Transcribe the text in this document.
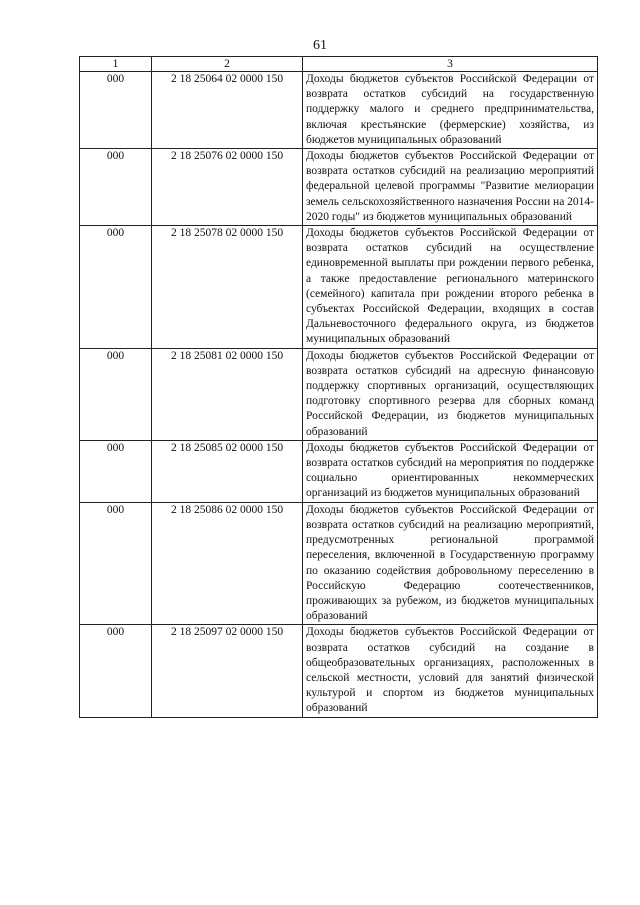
61
1	2	3
000	2 18 25064 02 0000 150	Доходы бюджетов субъектов Российской Федерации от возврата остатков субсидий на государственную поддержку малого и среднего предпринимательства, включая крестьянские (фермерские) хозяйства, из бюджетов муниципальных образований
000	2 18 25076 02 0000 150	Доходы бюджетов субъектов Российской Федерации от возврата остатков субсидий на реализацию мероприятий федеральной целевой программы "Развитие мелиорации земель сельскохозяйственного назначения России на 2014-2020 годы" из бюджетов муниципальных образований
000	2 18 25078 02 0000 150	Доходы бюджетов субъектов Российской Федерации от возврата остатков субсидий на осуществление единовременной выплаты при рождении первого ребенка, а также предоставление регионального материнского (семейного) капитала при рождении второго ребенка в субъектах Российской Федерации, входящих в состав Дальневосточного федерального округа, из бюджетов муниципальных образований
000	2 18 25081 02 0000 150	Доходы бюджетов субъектов Российской Федерации от возврата остатков субсидий на адресную финансовую поддержку спортивных организаций, осуществляющих подготовку спортивного резерва для сборных команд Российской Федерации, из бюджетов муниципальных образований
000	2 18 25085 02 0000 150	Доходы бюджетов субъектов Российской Федерации от возврата остатков субсидий на мероприятия по поддержке социально ориентированных некоммерческих организаций из бюджетов муниципальных образований
000	2 18 25086 02 0000 150	Доходы бюджетов субъектов Российской Федерации от возврата остатков субсидий на реализацию мероприятий, предусмотренных региональной программой переселения, включенной в Государственную программу по оказанию содействия добровольному переселению в Российскую Федерацию соотечественников, проживающих за рубежом, из бюджетов муниципальных образований
000	2 18 25097 02 0000 150	Доходы бюджетов субъектов Российской Федерации от возврата остатков субсидий на создание в общеобразовательных организациях, расположенных в сельской местности, условий для занятий физической культурой и спортом из бюджетов муниципальных образований
